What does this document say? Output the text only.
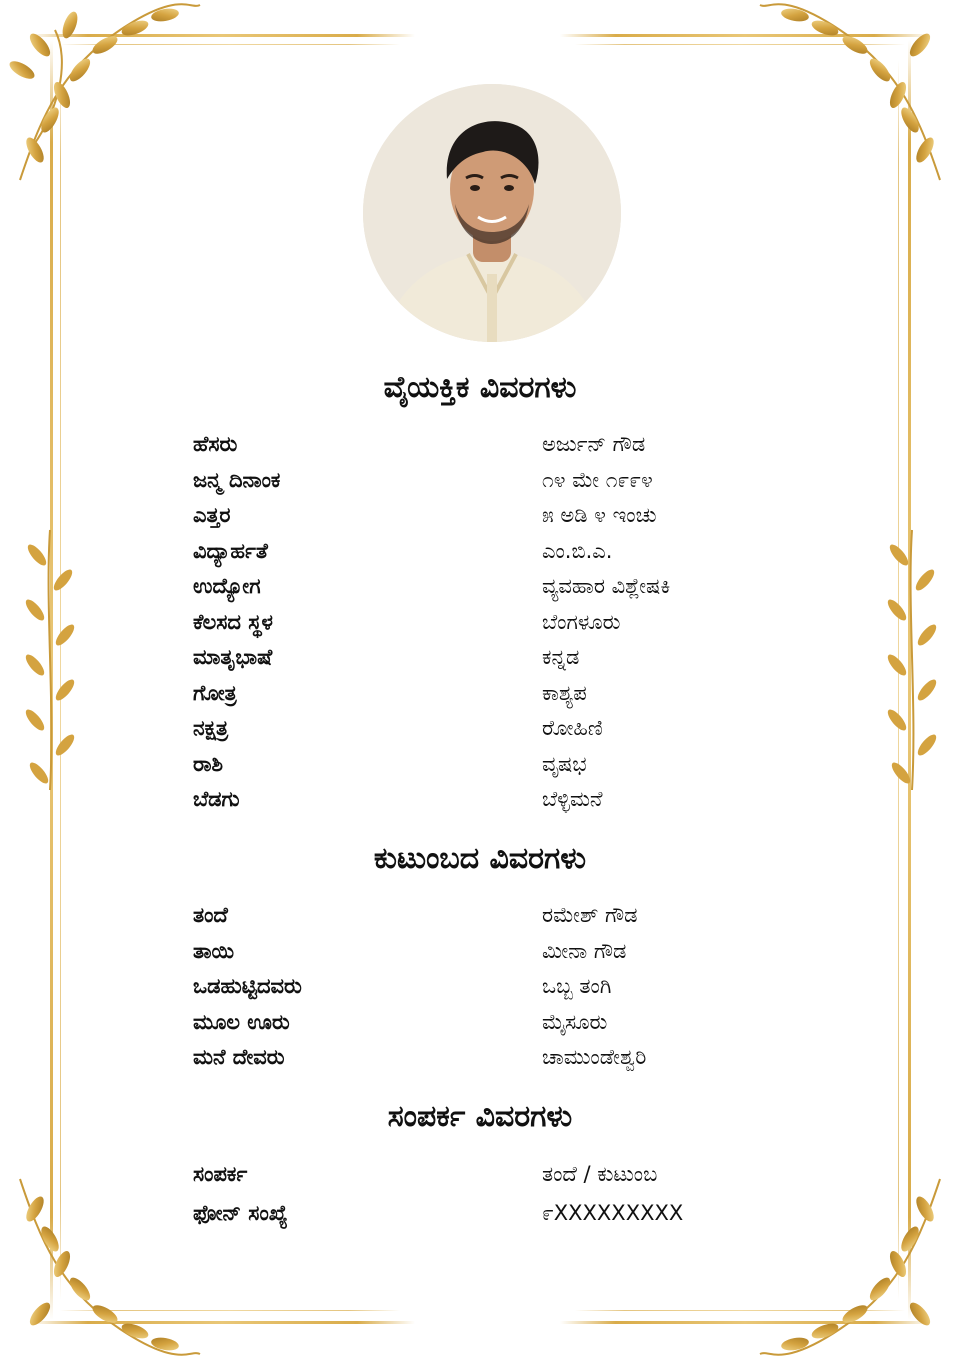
ವೈಯಕ್ತಿಕ ವಿವರಗಳು
ಹೆಸರು	ಅರ್ಜುನ್ ಗೌಡ
ಜನ್ಮ ದಿನಾಂಕ	೧೪ ಮೇ ೧೯೯೪
ಎತ್ತರ	೫ ಅಡಿ ೪ ಇಂಚು
ವಿದ್ಯಾರ್ಹತೆ	ಎಂ.ಬಿ.ಎ.
ಉದ್ಯೋಗ	ವ್ಯವಹಾರ ವಿಶ್ಲೇಷಕಿ
ಕೆಲಸದ ಸ್ಥಳ	ಬೆಂಗಳೂರು
ಮಾತೃಭಾಷೆ	ಕನ್ನಡ
ಗೋತ್ರ	ಕಾಶ್ಯಪ
ನಕ್ಷತ್ರ	ರೋಹಿಣಿ
ರಾಶಿ	ವೃಷಭ
ಬೆಡಗು	ಬೆಳ್ಳಿಮನೆ
ಕುಟುಂಬದ ವಿವರಗಳು
ತಂದೆ	ರಮೇಶ್ ಗೌಡ
ತಾಯಿ	ಮೀನಾ ಗೌಡ
ಒಡಹುಟ್ಟಿದವರು	ಒಬ್ಬ ತಂಗಿ
ಮೂಲ ಊರು	ಮೈಸೂರು
ಮನೆ ದೇವರು	ಚಾಮುಂಡೇಶ್ವರಿ
ಸಂಪರ್ಕ ವಿವರಗಳು
ಸಂಪರ್ಕ	ತಂದೆ / ಕುಟುಂಬ
ಫೋನ್ ಸಂಖ್ಯೆ	೯XXXXXXXXX
